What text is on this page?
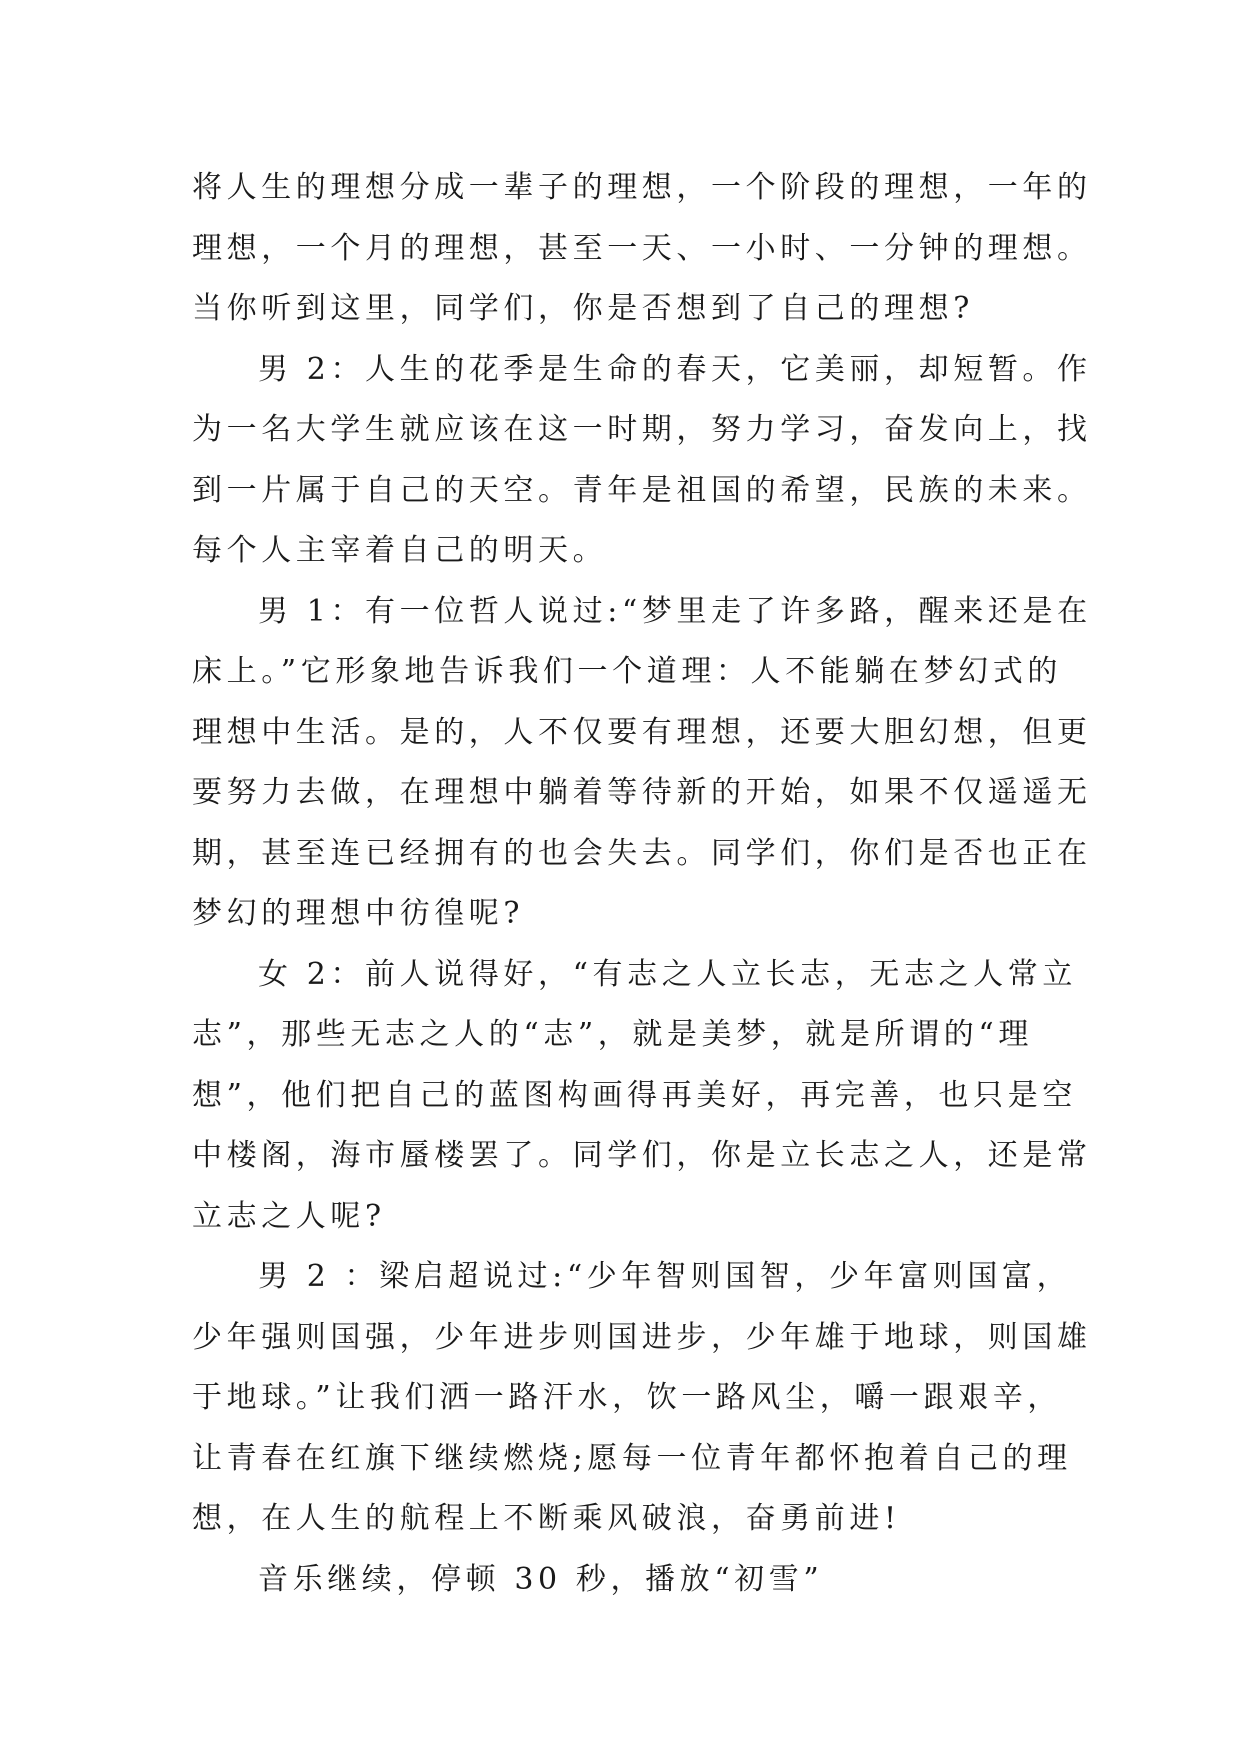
将人生的理想分成一辈子的理想，一个阶段的理想，一年的
理想，一个月的理想，甚至一天、一小时、一分钟的理想。
当你听到这里，同学们，你是否想到了自己的理想?
男 2：人生的花季是生命的春天，它美丽，却短暂。作
为一名大学生就应该在这一时期，努力学习，奋发向上，找
到一片属于自己的天空。青年是祖国的希望，民族的未来。
每个人主宰着自己的明天。
男 1：有一位哲人说过:“梦里走了许多路，醒来还是在
床上。”它形象地告诉我们一个道理：人不能躺在梦幻式的
理想中生活。是的，人不仅要有理想，还要大胆幻想，但更
要努力去做，在理想中躺着等待新的开始，如果不仅遥遥无
期，甚至连已经拥有的也会失去。同学们，你们是否也正在
梦幻的理想中彷徨呢?
女 2：前人说得好，“有志之人立长志，无志之人常立
志”，那些无志之人的“志”，就是美梦，就是所谓的“理
想”，他们把自己的蓝图构画得再美好，再完善，也只是空
中楼阁，海市蜃楼罢了。同学们，你是立长志之人，还是常
立志之人呢?
男 2 ：梁启超说过:“少年智则国智，少年富则国富，
少年强则国强，少年进步则国进步，少年雄于地球，则国雄
于地球。”让我们洒一路汗水，饮一路风尘，嚼一跟艰辛，
让青春在红旗下继续燃烧;愿每一位青年都怀抱着自己的理
想，在人生的航程上不断乘风破浪，奋勇前进!
音乐继续，停顿 30 秒，播放“初雪”
